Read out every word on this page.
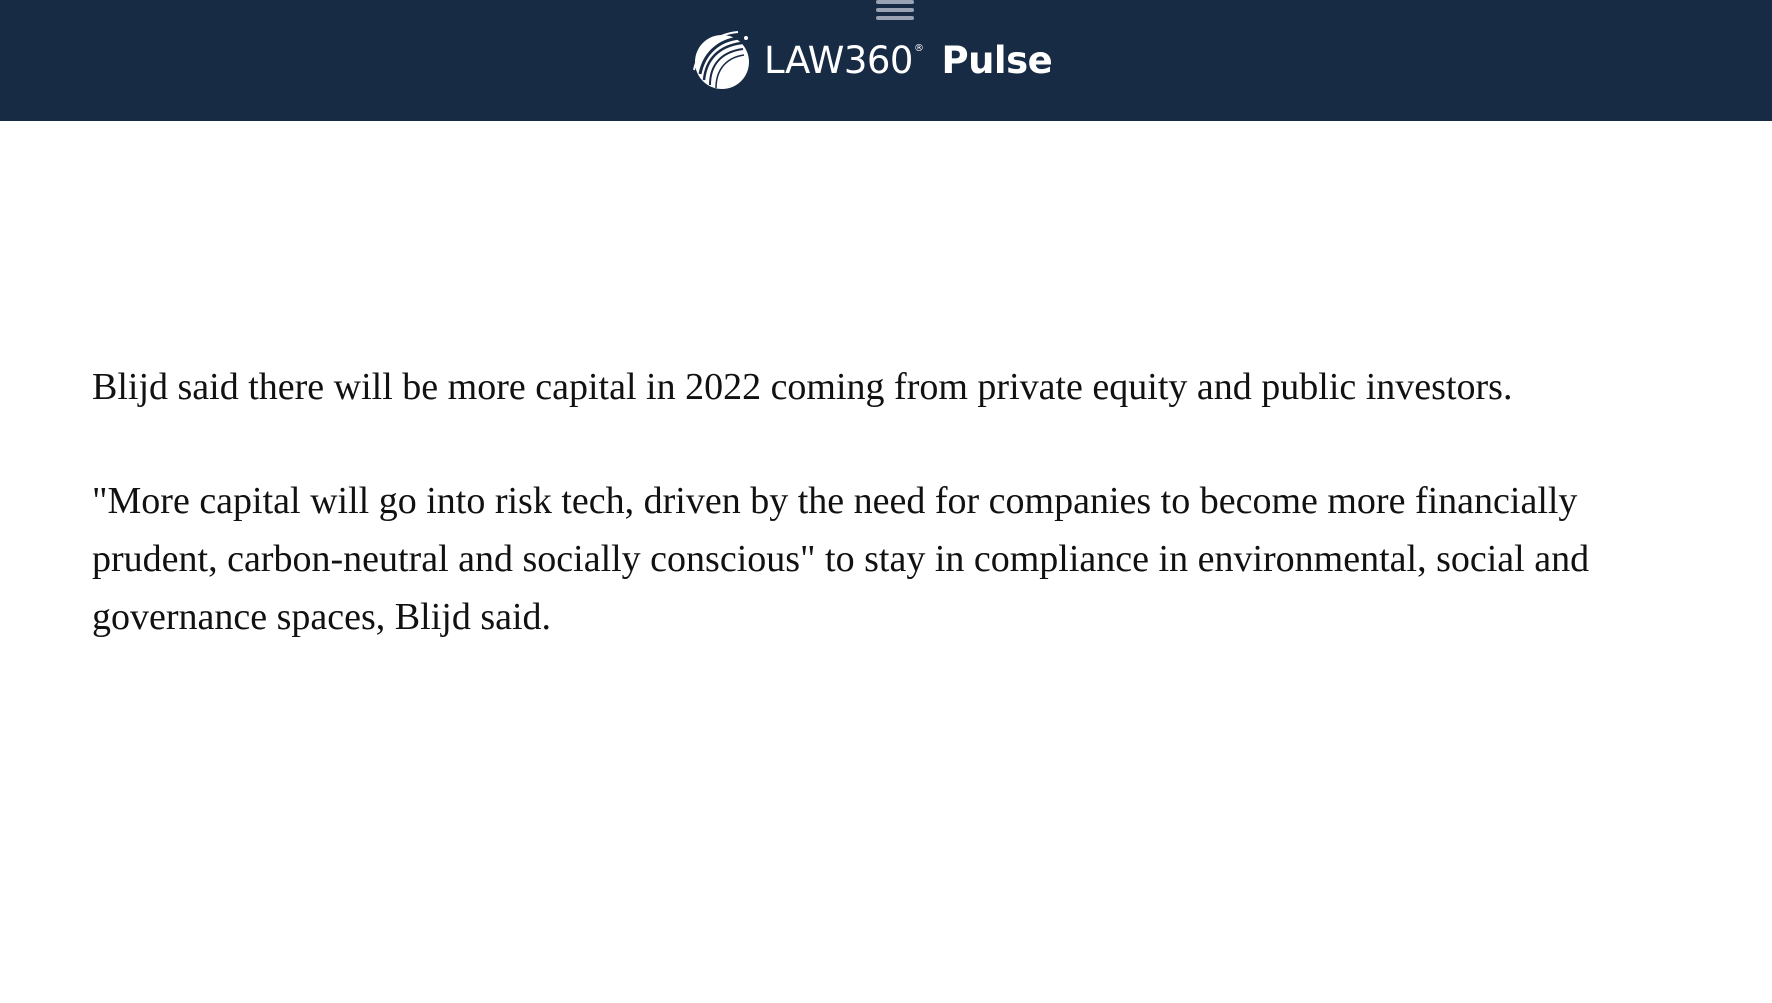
LAW360 ® Pulse

Blijd said there will be more capital in 2022 coming from private equity and public investors.

"More capital will go into risk tech, driven by the need for companies to become more financially prudent, carbon-neutral and socially conscious" to stay in compliance in environmental, social and governance spaces, Blijd said.
